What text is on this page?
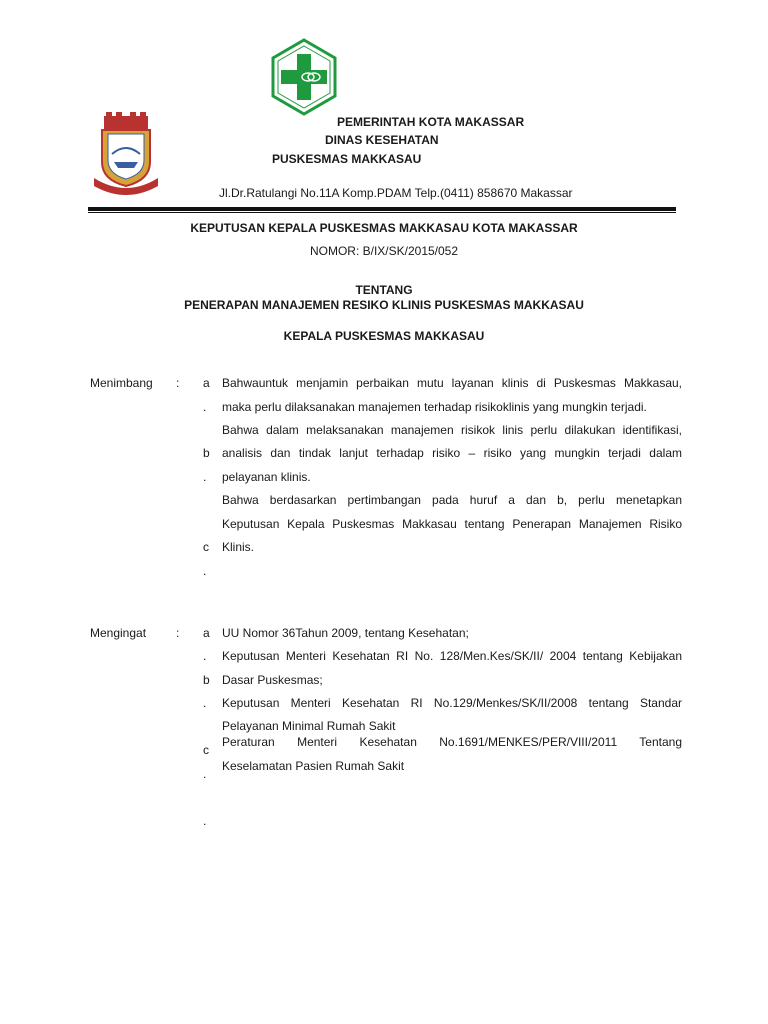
PEMERINTAH KOTA MAKASSAR
DINAS KESEHATAN
PUSKESMAS MAKKASAU
Jl.Dr.Ratulangi No.11A Komp.PDAM Telp.(0411) 858670 Makassar
KEPUTUSAN KEPALA PUSKESMAS MAKKASAU KOTA MAKASSAR
NOMOR: B/IX/SK/2015/052
TENTANG
PENERAPAN MANAJEMEN RESIKO KLINIS PUSKESMAS MAKKASAU
KEPALA PUSKESMAS MAKKASAU
Menimbang : a
.
b
.
c
.
Bahwauntuk menjamin perbaikan mutu layanan klinis di Puskesmas Makkasau,
maka perlu dilaksanakan manajemen terhadap risikoklinis yang mungkin terjadi.
Bahwa dalam melaksanakan manajemen risikok linis perlu dilakukan identifikasi,
analisis dan tindak lanjut terhadap risiko – risiko yang mungkin terjadi dalam
pelayanan klinis.
Bahwa berdasarkan pertimbangan pada huruf a dan b, perlu menetapkan
Keputusan Kepala Puskesmas Makkasau tentang Penerapan Manajemen Risiko
Klinis.
Mengingat : a
.
b
.
c
.
.
UU Nomor 36Tahun 2009, tentang Kesehatan;
Keputusan Menteri Kesehatan RI No. 128/Men.Kes/SK/II/ 2004 tentang Kebijakan
Dasar Puskesmas;
Keputusan Menteri Kesehatan RI No.129/Menkes/SK/II/2008 tentang Standar
Pelayanan Minimal Rumah Sakit
Peraturan Menteri Kesehatan No.1691/MENKES/PER/VIII/2011 Tentang
Keselamatan Pasien Rumah Sakit
